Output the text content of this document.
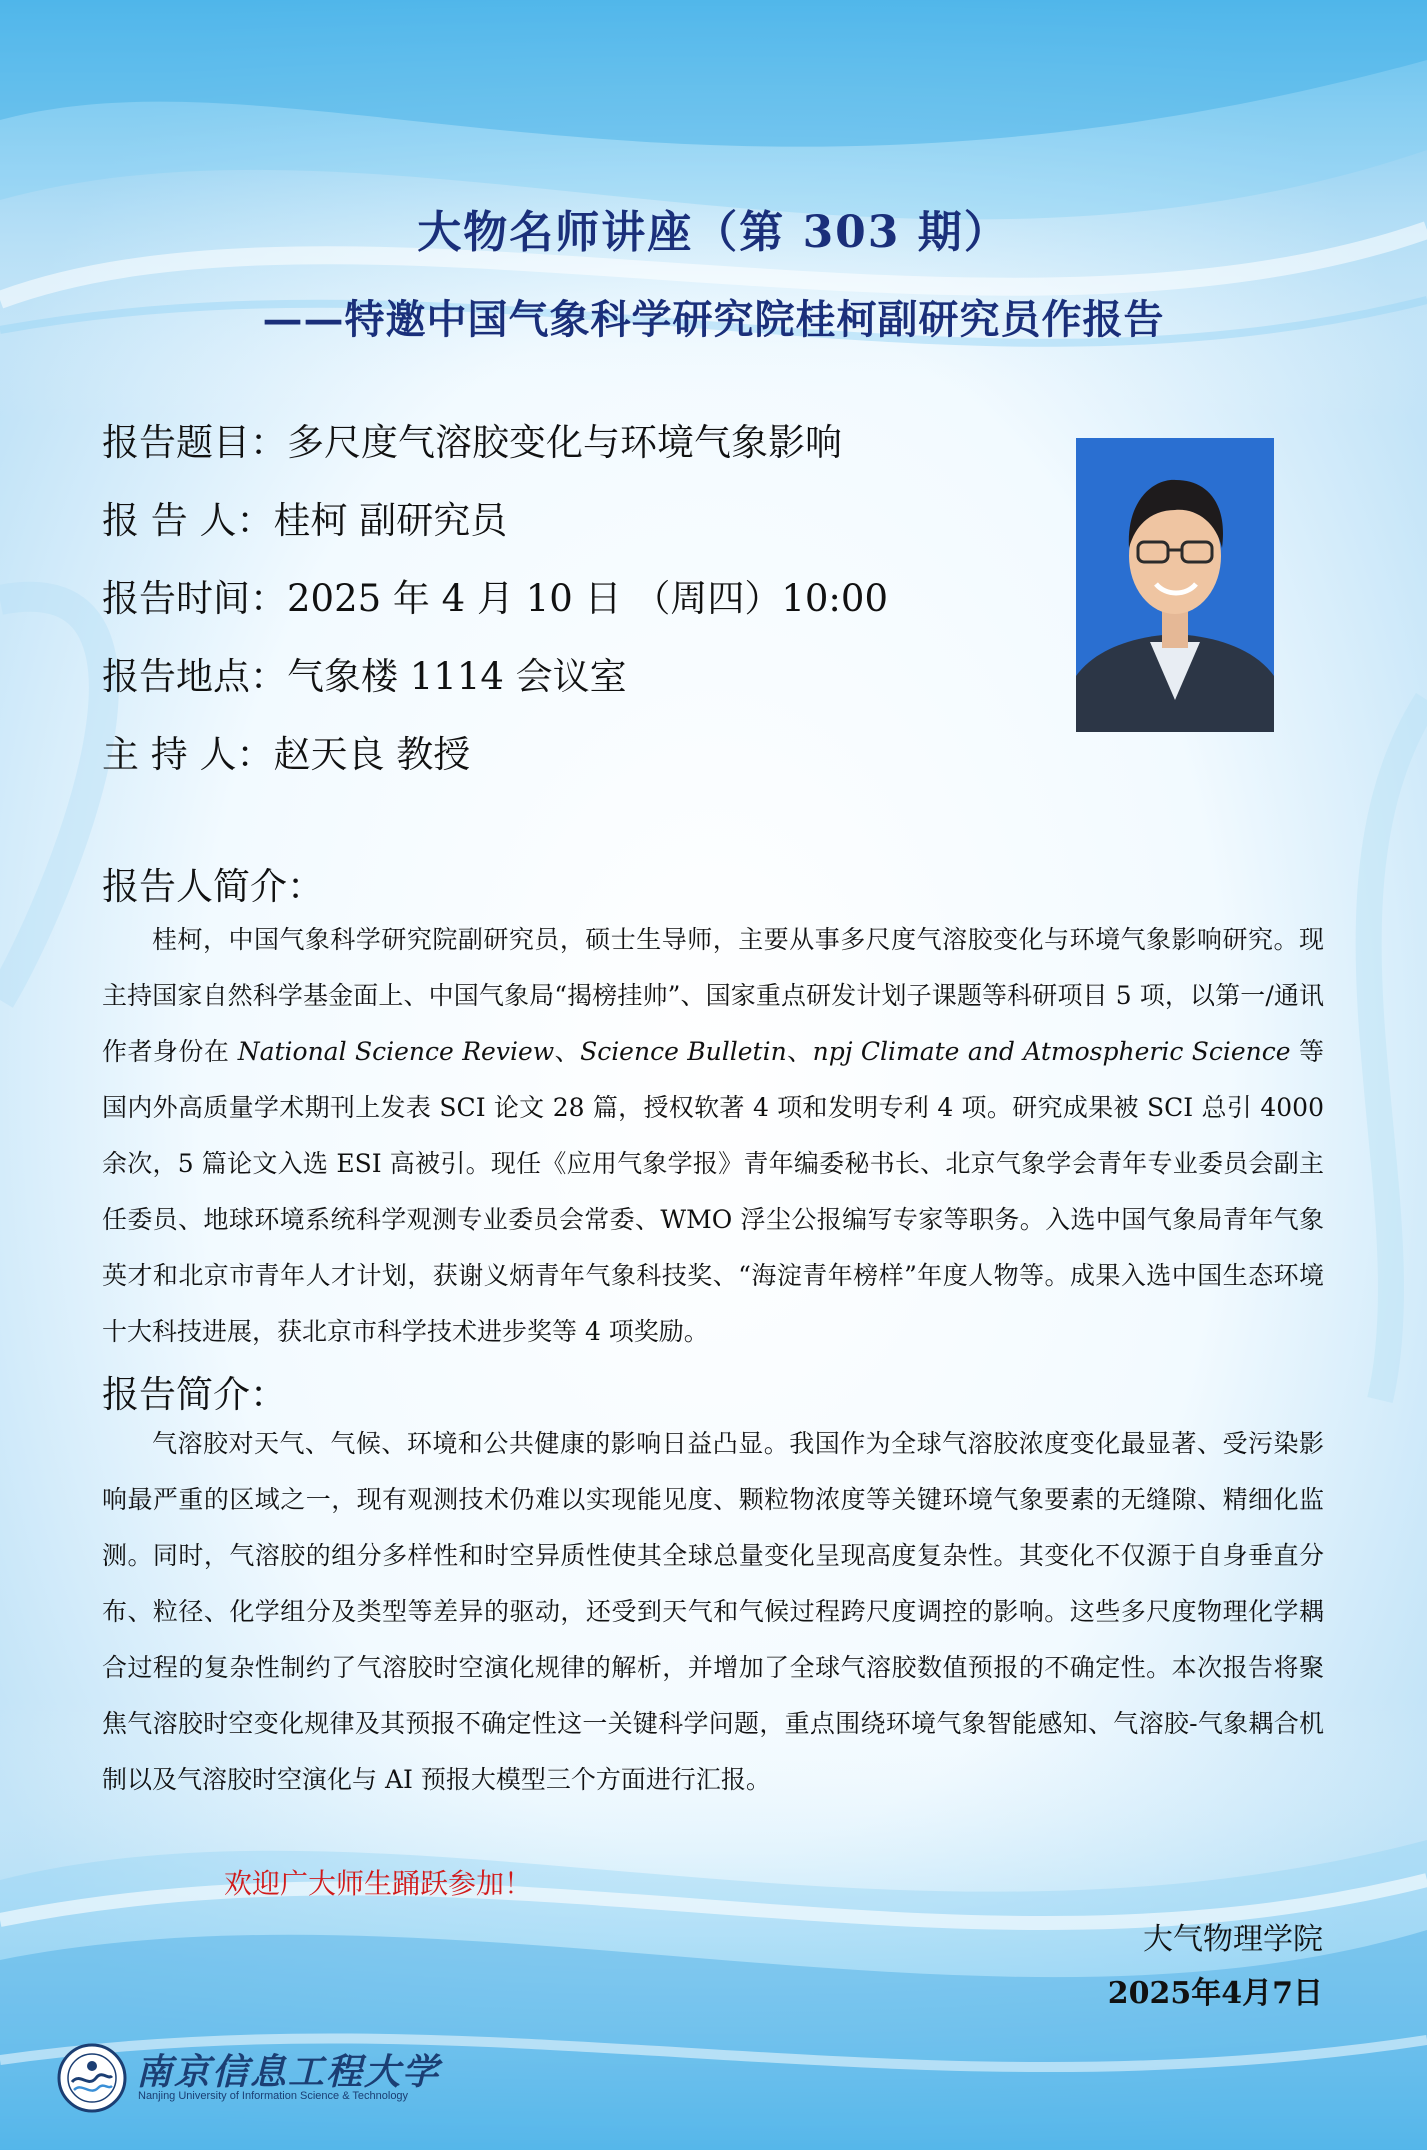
大物名师讲座（第 303 期）
——特邀中国气象科学研究院桂柯副研究员作报告
报告题目：多尺度气溶胶变化与环境气象影响
报 告 人：桂柯 副研究员
报告时间：2025 年 4 月 10 日 （周四）10:00
报告地点：气象楼 1114 会议室
主 持 人：赵天良 教授
报告人简介：
桂柯，中国气象科学研究院副研究员，硕士生导师，主要从事多尺度气溶胶变化与环境气象影响研究。现主持国家自然科学基金面上、中国气象局“揭榜挂帅”、国家重点研发计划子课题等科研项目 5 项，以第一/通讯作者身份在 National Science Review、Science Bulletin、npj Climate and Atmospheric Science 等国内外高质量学术期刊上发表 SCI 论文 28 篇，授权软著 4 项和发明专利 4 项。研究成果被 SCI 总引 4000 余次，5 篇论文入选 ESI 高被引。现任《应用气象学报》青年编委秘书长、北京气象学会青年专业委员会副主任委员、地球环境系统科学观测专业委员会常委、WMO 浮尘公报编写专家等职务。入选中国气象局青年气象英才和北京市青年人才计划，获谢义炳青年气象科技奖、“海淀青年榜样”年度人物等。成果入选中国生态环境十大科技进展，获北京市科学技术进步奖等 4 项奖励。
报告简介：
气溶胶对天气、气候、环境和公共健康的影响日益凸显。我国作为全球气溶胶浓度变化最显著、受污染影响最严重的区域之一，现有观测技术仍难以实现能见度、颗粒物浓度等关键环境气象要素的无缝隙、精细化监测。同时，气溶胶的组分多样性和时空异质性使其全球总量变化呈现高度复杂性。其变化不仅源于自身垂直分布、粒径、化学组分及类型等差异的驱动，还受到天气和气候过程跨尺度调控的影响。这些多尺度物理化学耦合过程的复杂性制约了气溶胶时空演化规律的解析，并增加了全球气溶胶数值预报的不确定性。本次报告将聚焦气溶胶时空变化规律及其预报不确定性这一关键科学问题，重点围绕环境气象智能感知、气溶胶-气象耦合机制以及气溶胶时空演化与 AI 预报大模型三个方面进行汇报。
欢迎广大师生踊跃参加！
大气物理学院
2025年4月7日
南京信息工程大学
Nanjing University of Information Science & Technology
